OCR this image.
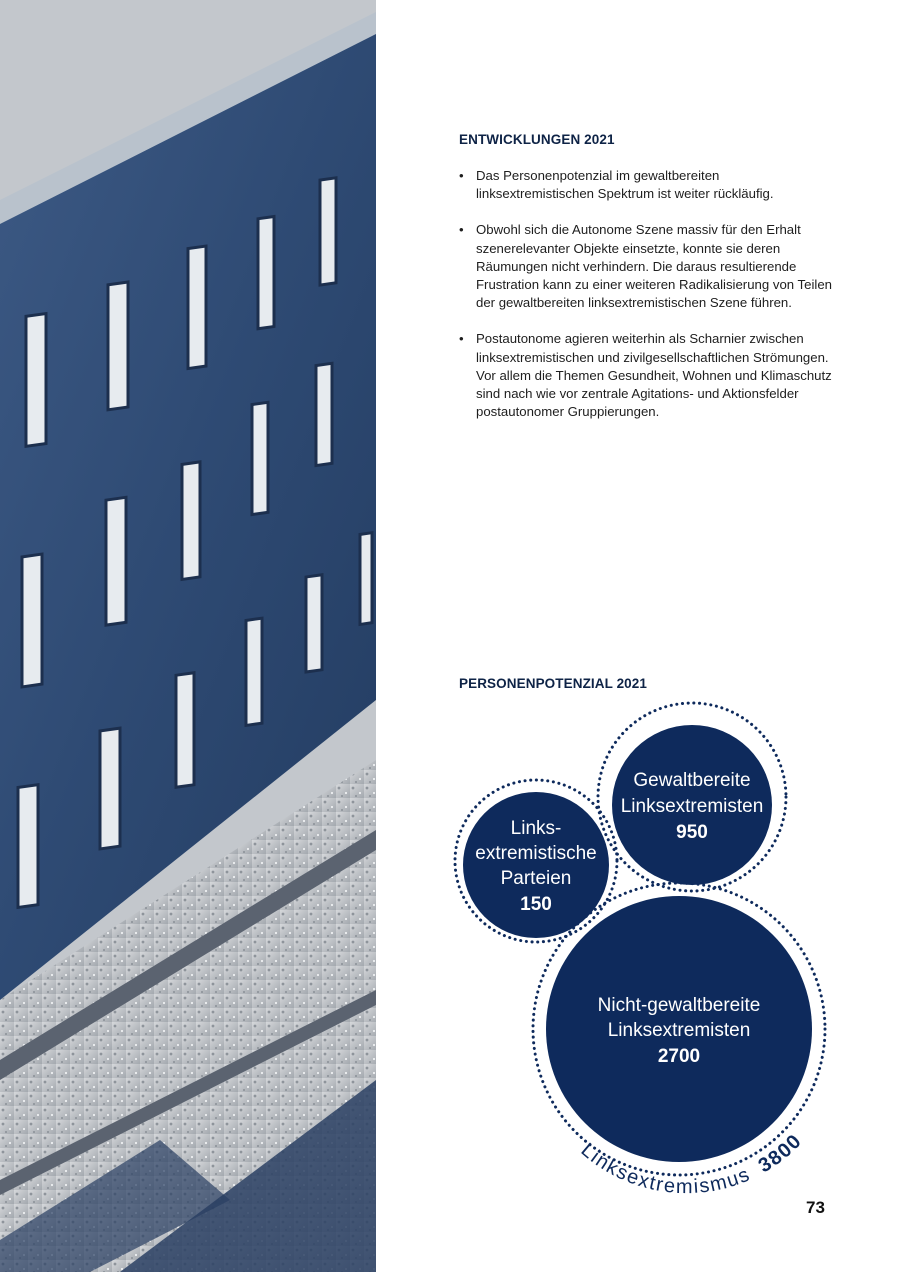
ENTWICKLUNGEN 2021
• Das Personenpotenzial im gewaltbereiten linksextremistischen Spektrum ist weiter rückläufig.
• Obwohl sich die Autonome Szene massiv für den Erhalt szenerelevanter Objekte einsetzte, konnte sie deren Räumungen nicht verhindern. Die daraus resultierende Frustration kann zu einer weiteren Radikalisierung von Teilen der gewaltbereiten linksextremistischen Szene führen.
• Postautonome agieren weiterhin als Scharnier zwischen linksextremistischen und zivilgesellschaftlichen Strömungen. Vor allem die Themen Gesundheit, Wohnen und Klimaschutz sind nach wie vor zentrale Agitations- und Aktionsfelder postautonomer Gruppierungen.
PERSONENPOTENZIAL 2021
Links-
extremistische
Parteien
150
Gewaltbereite
Linksextremisten
950
Nicht-gewaltbereite
Linksextremisten
2700
Linksextremismus 3800
73
